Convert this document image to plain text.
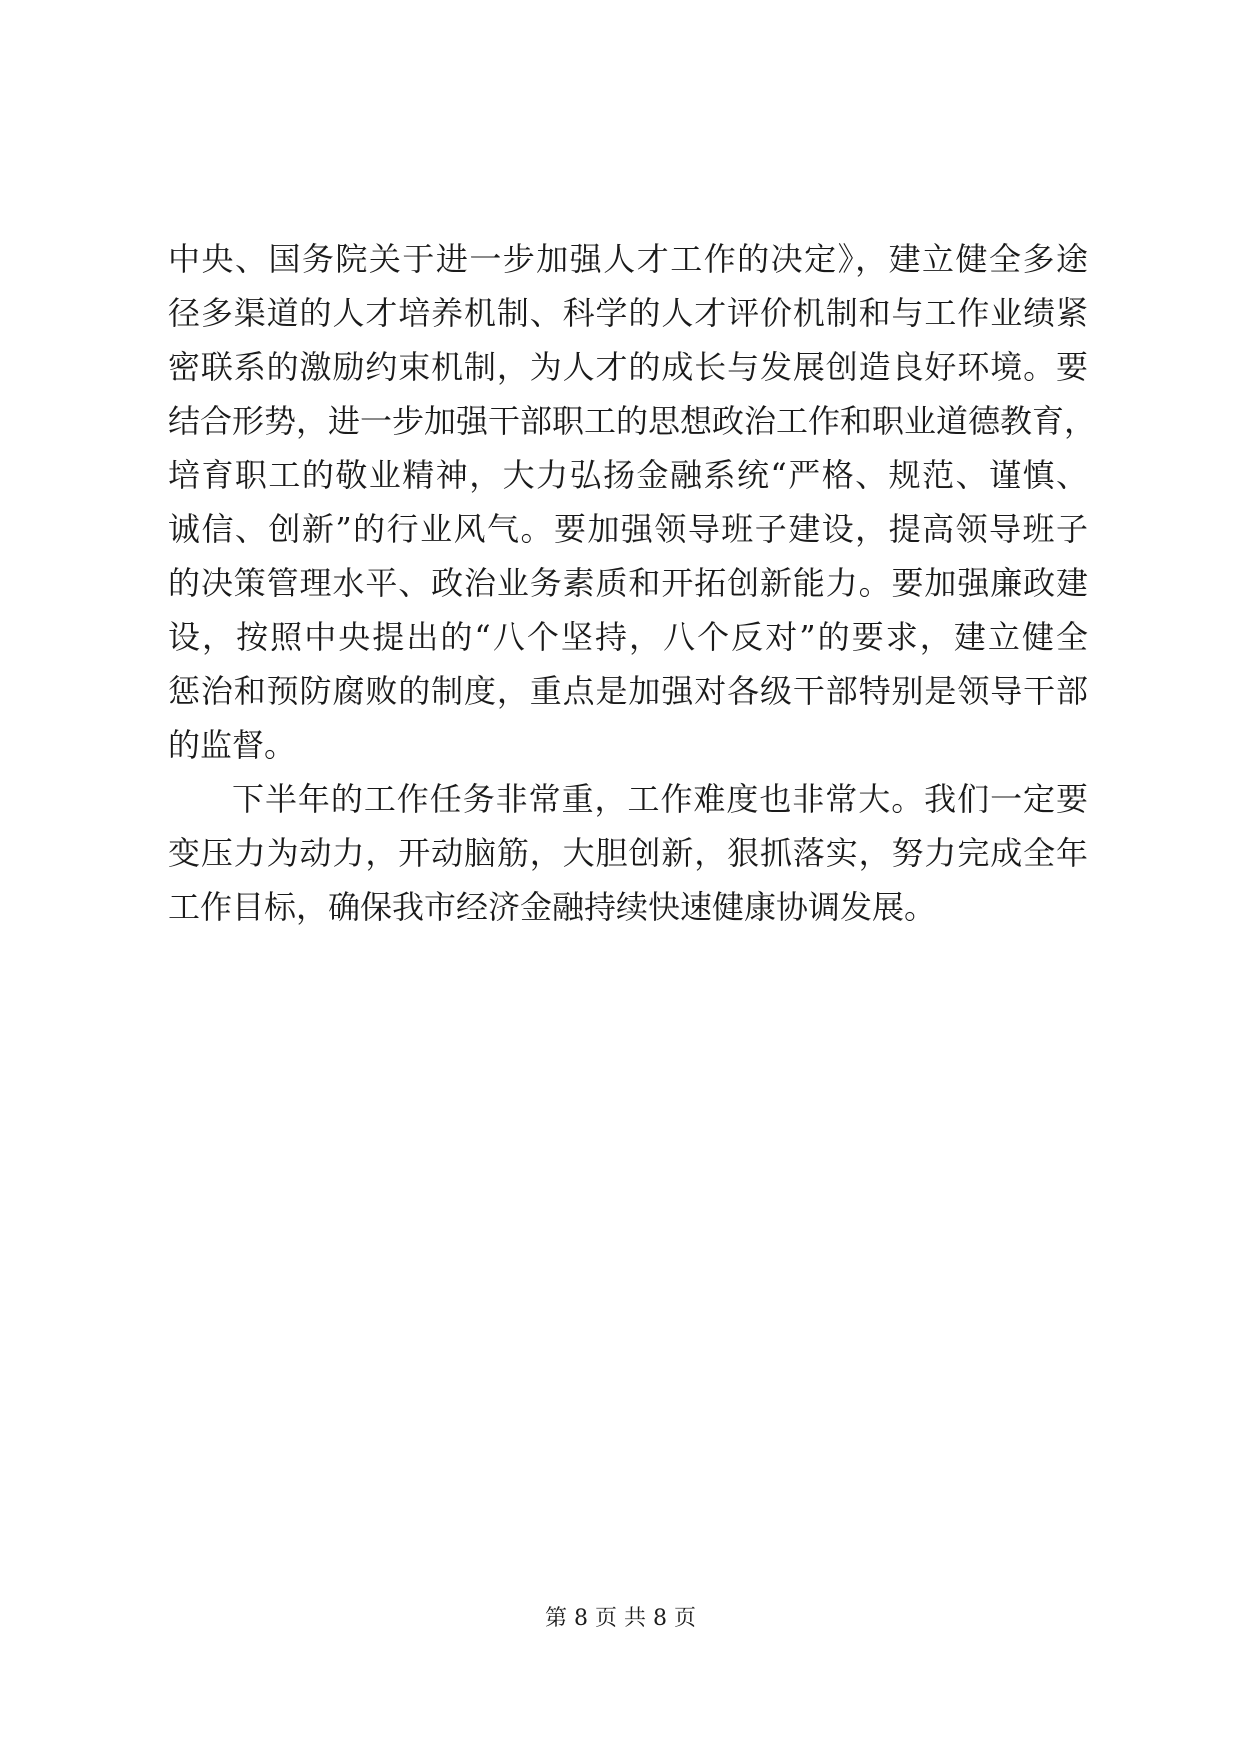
中央、国务院关于进一步加强人才工作的决定》，建立健全多途
径多渠道的人才培养机制、科学的人才评价机制和与工作业绩紧
密联系的激励约束机制，为人才的成长与发展创造良好环境。要
结合形势，进一步加强干部职工的思想政治工作和职业道德教育，
培育职工的敬业精神，大力弘扬金融系统“严格、规范、谨慎、
诚信、创新”的行业风气。要加强领导班子建设，提高领导班子
的决策管理水平、政治业务素质和开拓创新能力。要加强廉政建
设，按照中央提出的“八个坚持，八个反对”的要求，建立健全
惩治和预防腐败的制度，重点是加强对各级干部特别是领导干部
的监督。
下半年的工作任务非常重，工作难度也非常大。我们一定要
变压力为动力，开动脑筋，大胆创新，狠抓落实，努力完成全年
工作目标，确保我市经济金融持续快速健康协调发展。
第 8 页 共 8 页
